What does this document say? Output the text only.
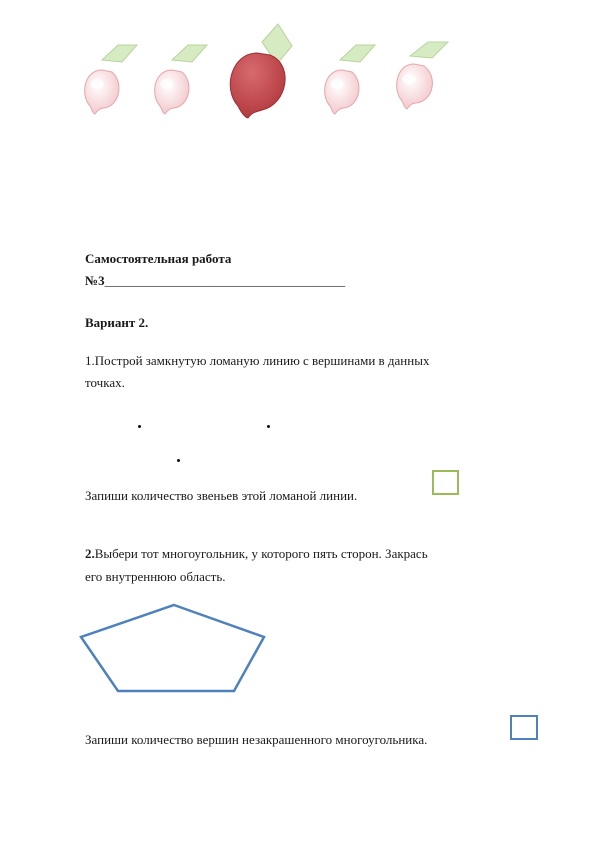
Самостоятельная работа
№3_____________________________________
Вариант 2.
1.Построй замкнутую ломаную линию с вершинами в данных
точках.
Запиши количество звеньев этой ломаной линии.
2.Выбери тот многоугольник, у которого пять сторон. Закрась
его внутреннюю область.
Запиши количество вершин незакрашенного многоугольника.
